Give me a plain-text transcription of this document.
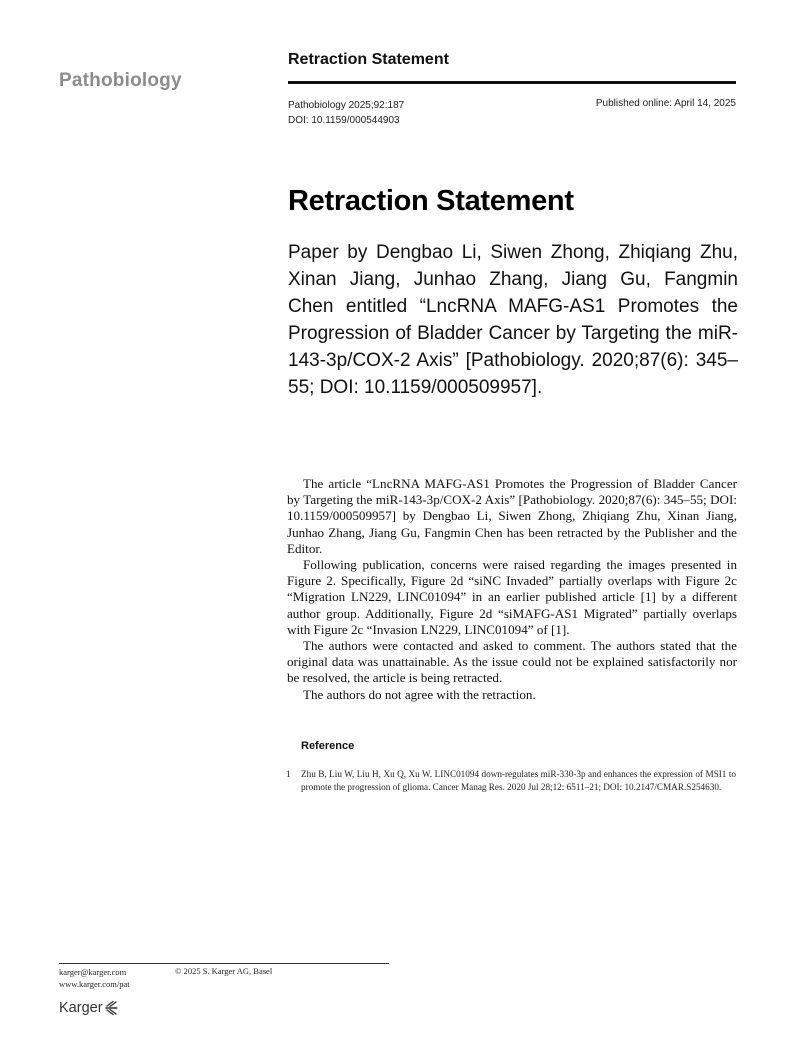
Pathobiology
Retraction Statement
Pathobiology 2025;92:187
DOI: 10.1159/000544903
Published online: April 14, 2025
Retraction Statement

Paper by Dengbao Li, Siwen Zhong, Zhiqiang Zhu, Xinan Jiang, Junhao Zhang, Jiang Gu, Fangmin Chen entitled “LncRNA MAFG-AS1 Promotes the Progression of Bladder Cancer by Targeting the miR-143-3p/COX-2 Axis” [Pathobiology. 2020;87(6): 345–55; DOI: 10.1159/000509957].

The article “LncRNA MAFG-AS1 Promotes the Progression of Bladder Cancer by Targeting the miR-143-3p/COX-2 Axis” [Pathobiology. 2020;87(6): 345–55; DOI: 10.1159/000509957] by Dengbao Li, Siwen Zhong, Zhiqiang Zhu, Xinan Jiang, Junhao Zhang, Jiang Gu, Fangmin Chen has been retracted by the Publisher and the Editor.

Following publication, concerns were raised regarding the images presented in Figure 2. Specifically, Figure 2d “siNC Invaded” partially overlaps with Figure 2c “Migration LN229, LINC01094” in an earlier published article [1] by a different author group. Additionally, Figure 2d “siMAFG-AS1 Migrated” partially overlaps with Figure 2c “Invasion LN229, LINC01094” of [1].

The authors were contacted and asked to comment. The authors stated that the original data was unattainable. As the issue could not be explained satisfactorily nor be resolved, the article is being retracted.

The authors do not agree with the retraction.

Reference
1	Zhu B, Liu W, Liu H, Xu Q, Xu W. LINC01094 down-regulates miR-330-3p and enhances the expression of MSI1 to promote the progression of glioma. Cancer Manag Res. 2020 Jul 28;12: 6511–21; DOI: 10.2147/CMAR.S254630.
karger@karger.com
www.karger.com/pat
© 2025 S. Karger AG, Basel
Karger
